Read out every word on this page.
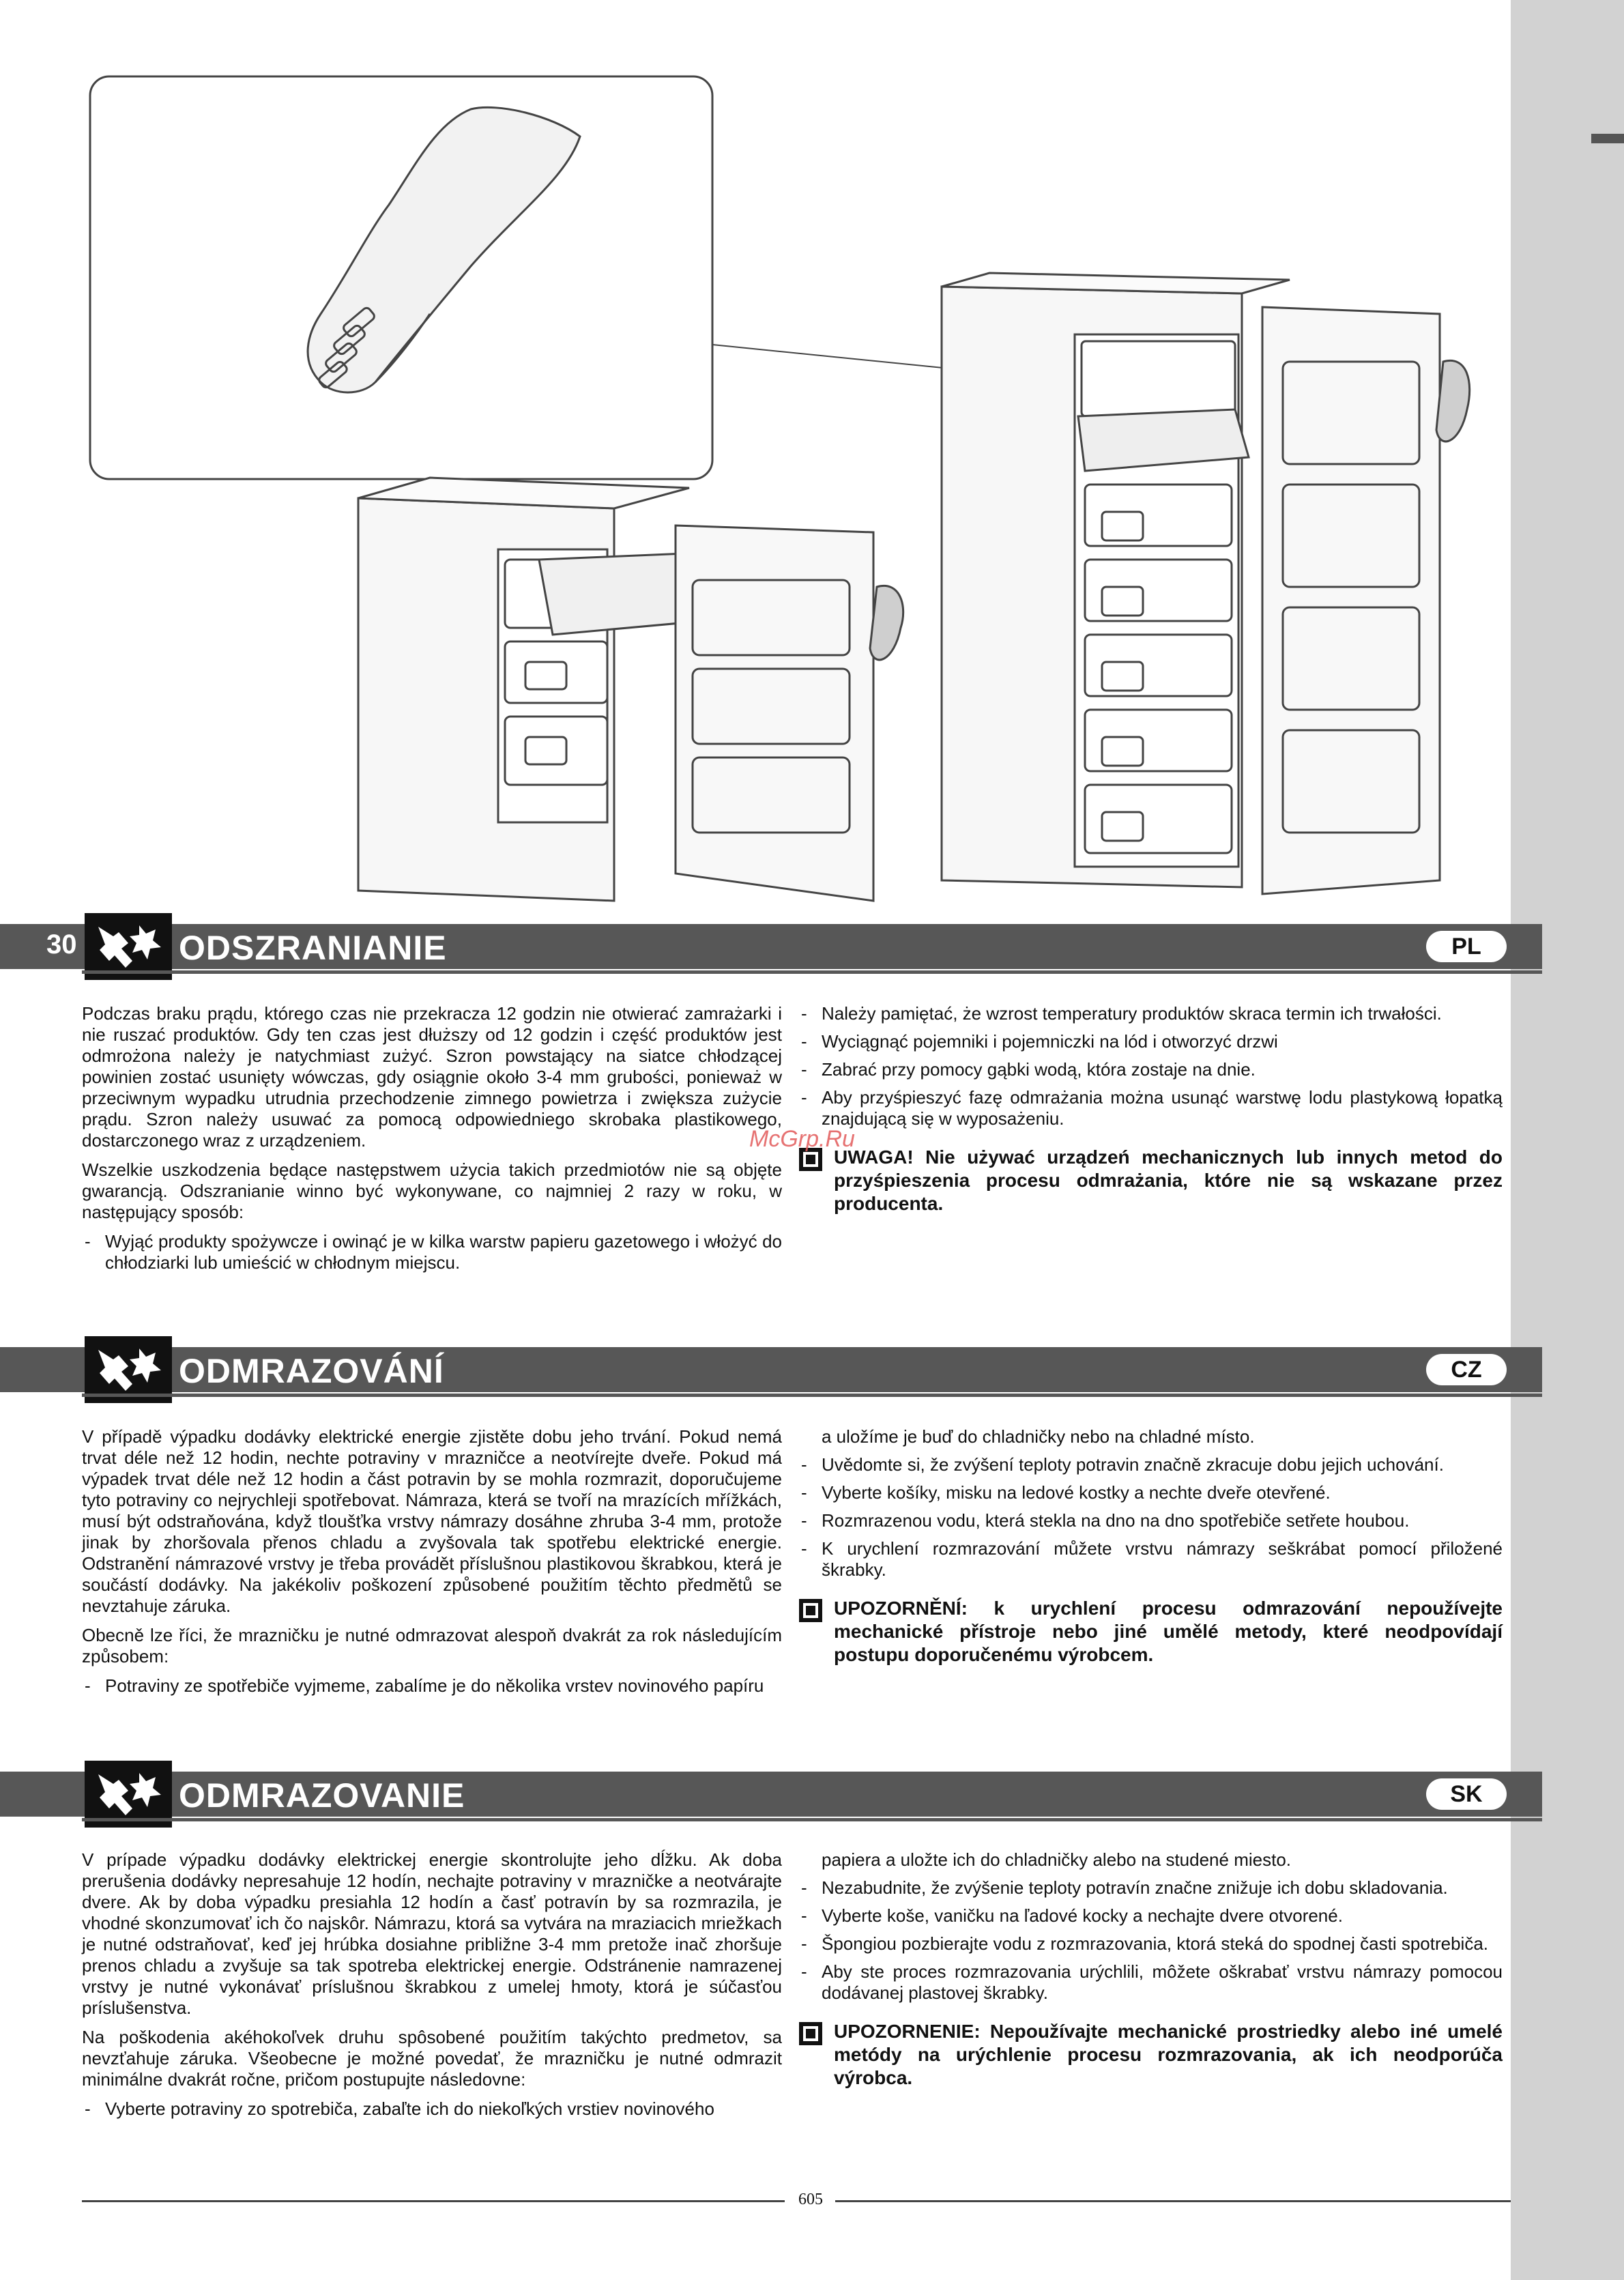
30	ODSZRANIANIE	PL

Podczas braku prądu, którego czas nie przekracza 12 godzin nie otwierać zamrażarki i nie ruszać produktów. Gdy ten czas jest dłuższy od 12 godzin i część produktów jest odmrożona należy je natychmiast zużyć. Szron powstający na siatce chłodzącej powinien zostać usunięty wówczas, gdy osiągnie około 3-4 mm grubości, ponieważ w przeciwnym wypadku utrudnia przechodzenie zimnego powietrza i zwiększa zużycie prądu. Szron należy usuwać za pomocą odpowiedniego skrobaka plastikowego, dostarczonego wraz z urządzeniem.

Wszelkie uszkodzenia będące następstwem użycia takich przedmiotów nie są objęte gwarancją. Odszranianie winno być wykonywane, co najmniej 2 razy w roku, w następujący sposób:

- Wyjąć produkty spożywcze i owinąć je w kilka warstw papieru gazetowego i włożyć do chłodziarki lub umieścić w chłodnym miejscu.
- Należy pamiętać, że wzrost temperatury produktów skraca termin ich trwałości.
- Wyciągnąć pojemniki i pojemniczki na lód i otworzyć drzwi
- Zabrać przy pomocy gąbki wodą, która zostaje na dnie.
- Aby przyśpieszyć fazę odmrażania można usunąć warstwę lodu plastykową łopatką znajdującą się w wyposażeniu.
UWAGA! Nie używać urządzeń mechanicznych lub innych metod do przyśpieszenia procesu odmrażania, które nie są wskazane przez producenta.
ODMRAZOVÁNÍ	CZ

V případě výpadku dodávky elektrické energie zjistěte dobu jeho trvání. Pokud nemá trvat déle než 12 hodin, nechte potraviny v mrazničce a neotvírejte dveře. Pokud má výpadek trvat déle než 12 hodin a část potravin by se mohla rozmrazit, doporučujeme tyto potraviny co nejrychleji spotřebovat. Námraza, která se tvoří na mrazících mřížkách, musí být odstraňována, když tloušťka vrstvy námrazy dosáhne zhruba 3-4 mm, protože jinak by zhoršovala přenos chladu a zvyšovala tak spotřebu elektrické energie. Odstranění námrazové vrstvy je třeba provádět příslušnou plastikovou škrabkou, která je součástí dodávky. Na jakékoliv poškození způsobené použitím těchto předmětů se nevztahuje záruka.

Obecně lze říci, že mrazničku je nutné odmrazovat alespoň dvakrát za rok následujícím způsobem:

- Potraviny ze spotřebiče vyjmeme, zabalíme je do několika vrstev novinového papíru
a uložíme je buď do chladničky nebo na chladné místo.
- Uvědomte si, že zvýšení teploty potravin značně zkracuje dobu jejich uchování.
- Vyberte košíky, misku na ledové kostky a nechte dveře otevřené.
- Rozmrazenou vodu, která stekla na dno na dno spotřebiče setřete houbou.
- K urychlení rozmrazování můžete vrstvu námrazy seškrábat pomocí přiložené škrabky.
UPOZORNĚNÍ: k urychlení procesu odmrazování nepoužívejte mechanické přístroje nebo jiné umělé metody, které neodpovídají postupu doporučenému výrobcem.
ODMRAZOVANIE	SK

V prípade výpadku dodávky elektrickej energie skontrolujte jeho dĺžku. Ak doba prerušenia dodávky nepresahuje 12 hodín, nechajte potraviny v mrazničke a neotvárajte dvere. Ak by doba výpadku presiahla 12 hodín a časť potravín by sa rozmrazila, je vhodné skonzumovať ich čo najskôr. Námrazu, ktorá sa vytvára na mraziacich mriežkach je nutné odstraňovať, keď jej hrúbka dosiahne približne 3-4 mm pretože inač zhoršuje prenos chladu a zvyšuje sa tak spotreba elektrickej energie. Odstránenie namrazenej vrstvy je nutné vykonávať príslušnou škrabkou z umelej hmoty, ktorá je súčasťou príslušenstva.

Na poškodenia akéhokoľvek druhu spôsobené použitím takýchto predmetov, sa nevzťahuje záruka. Všeobecne je možné povedať, že mrazničku je nutné odmrazit minimálne dvakrát ročne, pričom postupujte následovne:

- Vyberte potraviny zo spotrebiča, zabaľte ich do niekoľkých vrstiev novinového
papiera a uložte ich do chladničky alebo na studené miesto.
- Nezabudnite, že zvýšenie teploty potravín značne znižuje ich dobu skladovania.
- Vyberte koše, vaničku na ľadové kocky a nechajte dvere otvorené.
- Špongiou pozbierajte vodu z rozmrazovania, ktorá steká do spodnej časti spotrebiča.
- Aby ste proces rozmrazovania urýchlili, môžete oškrabať vrstvu námrazy pomocou dodávanej plastovej škrabky.
UPOZORNENIE: Nepoužívajte mechanické prostriedky alebo iné umelé metódy na urýchlenie procesu rozmrazovania, ak ich neodporúča výrobca.
McGrp.Ru
605
